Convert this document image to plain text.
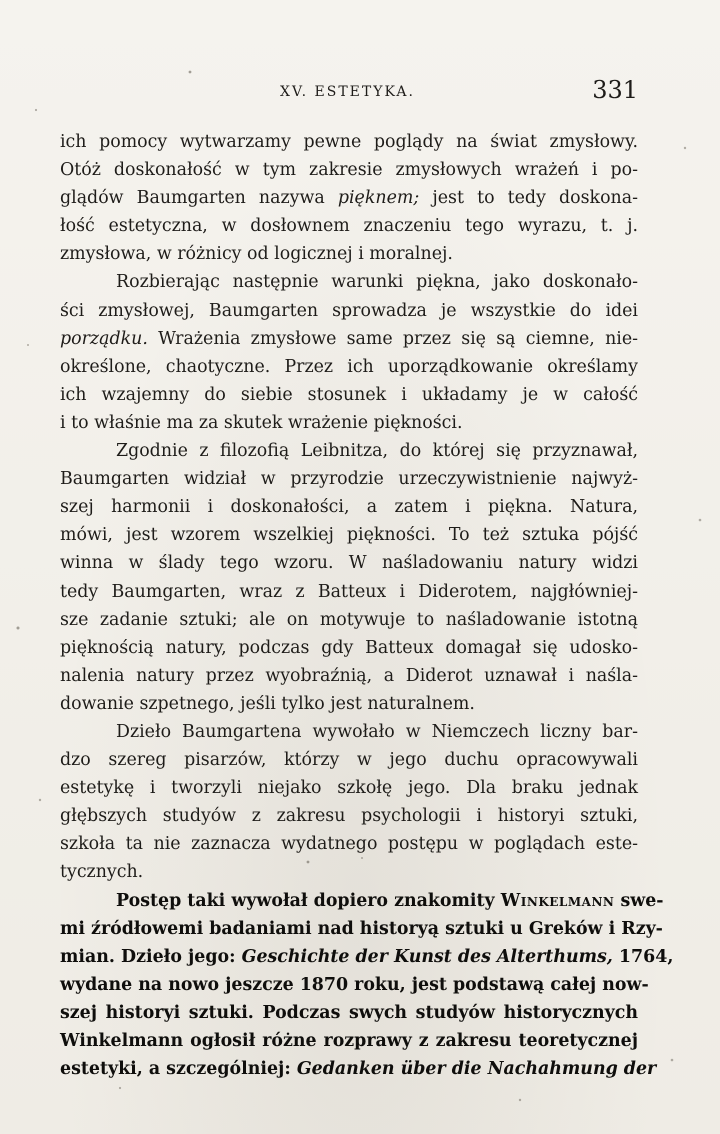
XV. ESTETYKA.	331
ich pomocy wytwarzamy pewne poglądy na świat zmysłowy.
Otóż doskonałość w tym zakresie zmysłowych wrażeń i po-
glądów Baumgarten nazywa pięknem; jest to tedy doskona-
łość estetyczna, w dosłownem znaczeniu tego wyrazu, t. j.
zmysłowa, w różnicy od logicznej i moralnej.
Rozbierając następnie warunki piękna, jako doskonało-
ści zmysłowej, Baumgarten sprowadza je wszystkie do idei
porządku. Wrażenia zmysłowe same przez się są ciemne, nie-
określone, chaotyczne. Przez ich uporządkowanie określamy
ich wzajemny do siebie stosunek i układamy je w całość
i to właśnie ma za skutek wrażenie piękności.
Zgodnie z filozofią Leibnitza, do której się przyznawał,
Baumgarten widział w przyrodzie urzeczywistnienie najwyż-
szej harmonii i doskonałości, a zatem i piękna. Natura,
mówi, jest wzorem wszelkiej piękności. To też sztuka pójść
winna w ślady tego wzoru. W naśladowaniu natury widzi
tedy Baumgarten, wraz z Batteux i Diderotem, najgłówniej-
sze zadanie sztuki; ale on motywuje to naśladowanie istotną
pięknością natury, podczas gdy Batteux domagał się udosko-
nalenia natury przez wyobraźnią, a Diderot uznawał i naśla-
dowanie szpetnego, jeśli tylko jest naturalnem.
Dzieło Baumgartena wywołało w Niemczech liczny bar-
dzo szereg pisarzów, którzy w jego duchu opracowywali
estetykę i tworzyli niejako szkołę jego. Dla braku jednak
głębszych studyów z zakresu psychologii i historyi sztuki,
szkoła ta nie zaznacza wydatnego postępu w poglądach este-
tycznych.
Postęp taki wywołał dopiero znakomity Winkelmann swe-
mi źródłowemi badaniami nad historyą sztuki u Greków i Rzy-
mian. Dzieło jego: Geschichte der Kunst des Alterthums, 1764,
wydane na nowo jeszcze 1870 roku, jest podstawą całej now-
szej historyi sztuki. Podczas swych studyów historycznych
Winkelmann ogłosił różne rozprawy z zakresu teoretycznej
estetyki, a szczególniej: Gedanken über die Nachahmung der
